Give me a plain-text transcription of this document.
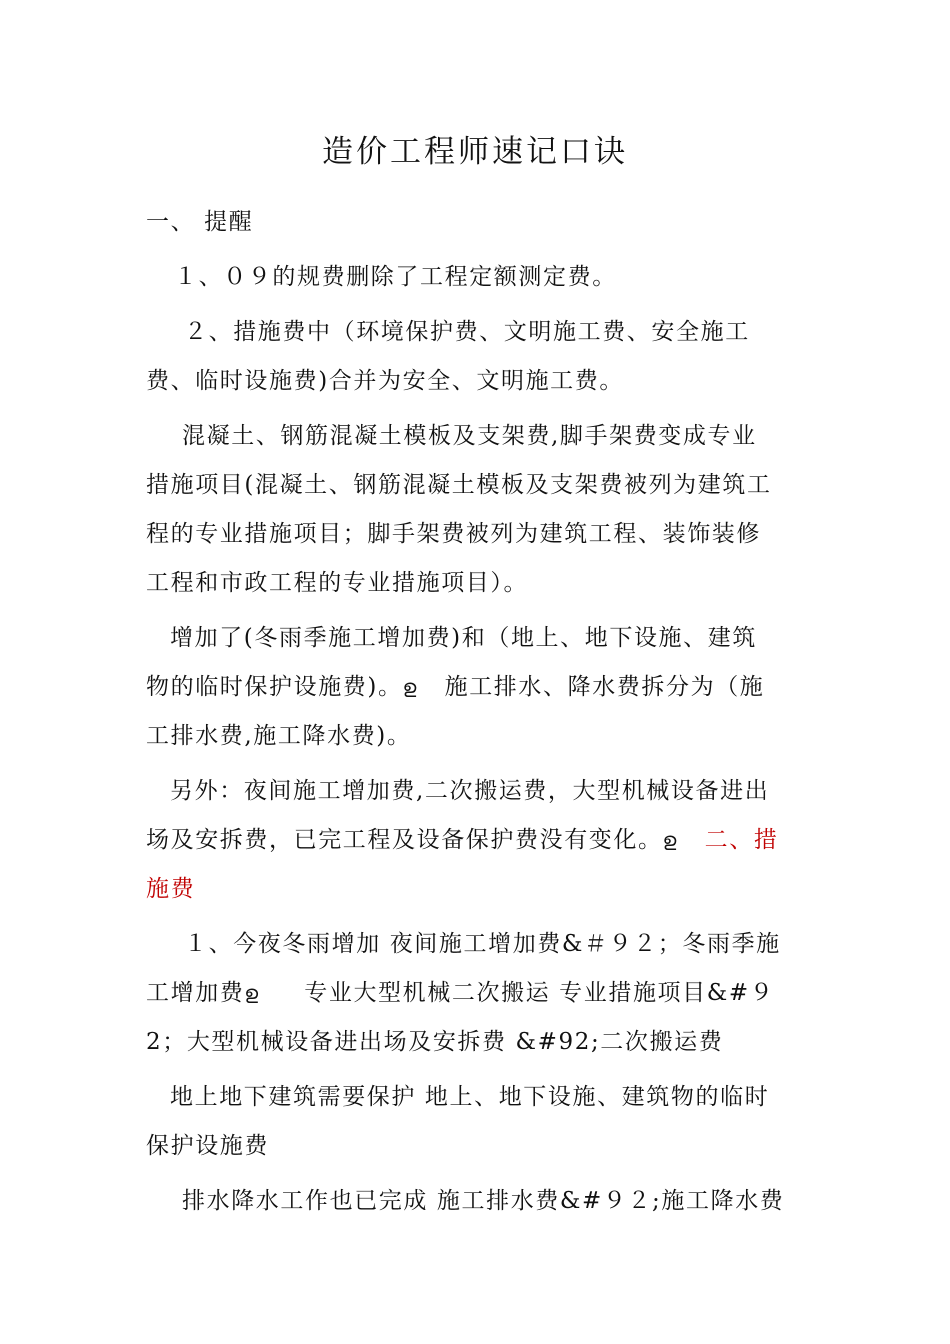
造价工程师速记口诀
一、 提醒
１、０９的规费删除了工程定额测定费。
２、措施费中（环境保护费、文明施工费、安全施工
费、临时设施费)合并为安全、文明施工费。
混凝土、钢筋混凝土模板及支架费,脚手架费变成专业
措施项目(混凝土、钢筋混凝土模板及支架费被列为建筑工
程的专业措施项目；脚手架费被列为建筑工程、装饰装修
工程和市政工程的专业措施项目）。
增加了(冬雨季施工增加费)和（地上、地下设施、建筑
物的临时保护设施费)。ഉ 施工排水、降水费拆分为（施
工排水费,施工降水费)。
另外：夜间施工增加费,二次搬运费，大型机械设备进出
场及安拆费，已完工程及设备保护费没有变化。ഉ 二、措
施费
１、今夜冬雨增加 夜间施工增加费&＃９２；冬雨季施
工增加费ഉ 专业大型机械二次搬运 专业措施项目&#９
2；大型机械设备进出场及安拆费 &#92;二次搬运费
地上地下建筑需要保护 地上、地下设施、建筑物的临时
保护设施费
排水降水工作也已完成 施工排水费&#９２;施工降水费
